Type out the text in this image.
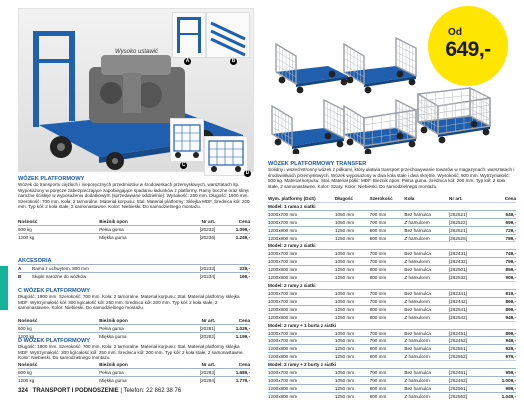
Wysoko ustawić
A	B
C
D
WÓZEK PLATFORMOWY
Wózek do transportu ciężkich i nieporęcznych przedmiotów w środowiskach przemysłowych, warsztatach itp. Wyposażony w poręcze zabezpieczające zapobiegające spadaniu ładunków z platformy. Ramy boczne oraz skręt narożne ścisłeje w wyposażeniu dodatkowym (sprzedawane oddzielnie). Wysokość: 250 mm. Długość: 1900 mm. Szerokość: 700 mm. Koła: 2 tarnoralne. Materiał korpusu: Stal. Materiał platformy: Sklejka MDF. Średnica kół: 200 mm. Typ kół: 2 koła stałe, 2 samonastawne. Kolor: Niebieski. Do samodzielnego montażu.
Nośność	Bieżnik opon	Nr art.	Cena
600 kg	Pełna guma	[20232]	1.099,-
1200 kg	Miękka guma	[20236]	1.249,-
AKCESORIA
A	Rama z uchwytem, 800 mm	[20233]	229,-
B	Słupki narożne do wózków	[20234]	169,-
C WÓZEK PLATFORMOWY
Długość: 1900 mm. Szerokość: 700 mm. Koła: 2 tarnoralne. Materiał korpusu: Stal. Materiał platformy sklejka MDF. Wytrzymałość kół: 300 kg/całość kół: 250 mm. Średnica kół: 200 mm. Typ kół: 2 koła stałe, 2 samonastawne. Kolor: Niebieski. Do samodzielnego montażu.
Nośność	Bieżnik opon	Nr art.	Cena
600 kg	Pełna guma	[20281]	1.029,-
1200 kg	Miękka guma	[20282]	1.199,-
D WÓZEK PLATFORMOWY
Długość: 1900 mm. Szerokość: 700 mm. Koła: 2 tarnoralne. Materiał korpusu: Stal. Materiał platformy sklejka MDF. Wytrzymałość: 300 kg/całość kół: 250 mm. Średnica kół: 200 mm. Typ kół: 2 koła stałe, 2 samonastawne. Kolor: Niebieski. Do samodzielnego montażu.
Nośność	Bieżnik opon	Nr art.	Cena
600 kg	Pełna guma	[20283]	1.689,-
1200 kg	Miękka guma	[20284]	1.779,-
324 TRANSPORT I PODNOSZENIE | Telefon: 22 862 38 76
Od
649,-
WÓZEK PLATFORMOWY TRANSFER
Solidny i wszechstronny wózek z półkami, który ułatwia transport przechowywanie towarów w magazynach, warsztatach i środowiskach przemysłowych. Wózek wyposażony w dwa koła stałe i dwa skrętne. Wysokość: 900 mm. Wytrzymałość: 500 kg. Materiał korpusu: Stal. Materiał półki: MDF. Bieżnik opon: Pełna guma. Średnica kół: 200 mm. Typ kół: 2 koła stałe, 2 samonastawne. Kolor: Szary. Kolor: Niebieski. Do samodzielnego montażu.
Wym. platformy (DxS)	Długość	Szerokość	Koła	Nr art.	Cena
Model: 1 rama z siatki					
1000x700 mm	1050 mm	700 mm	Bez hamulca	[262521]	649,-
1000x700 mm	1050 mm	700 mm	Z hamulcem	[262522]	699,-
1200x800 mm	1250 mm	800 mm	Bez hamulca	[262521]	729,-
1200x800 mm	1250 mm	800 mm	Z hamulcem	[262525]	789,-
Model: 2 ramy z siatki					
1000x700 mm	1050 mm	700 mm	Bez hamulca	[262431]	749,-
1000x700 mm	1050 mm	700 mm	Z hamulcem	[262432]	799,-
1200x800 mm	1250 mm	800 mm	Bez hamulca	[262501]	859,-
1200x800 mm	1250 mm	800 mm	Z hamulcem	[262532]	909,-
Model: 2 ramy z siatki					
1000x700 mm	1050 mm	700 mm	Bez hamulca	[262341]	819,-
1000x700 mm	1050 mm	700 mm	Z hamulcem	[262442]	869,-
1200x800 mm	1250 mm	800 mm	Bez hamulca	[262541]	899,-
1200x800 mm	1250 mm	800 mm	Z hamulcem	[262542]	949,-
Model: 2 ramy + 1 burta z siatki					
1000x700 mm	1050 mm	700 mm	Bez hamulca	[262451]	899,-
1000x700 mm	1050 mm	700 mm	Z hamulcem	[262452]	949,-
1200x800 mm	1250 mm	800 mm	Bez hamulca	[262551]	929,-
1200x800 mm	1250 mm	800 mm	Z hamulcem	[262552]	979,-
Model: 2 ramy + 2 burty z siatki					
1000x700 mm	1050 mm	700 mm	Bez hamulca	[262461]	959,-
1000x700 mm	1050 mm	700 mm	Z hamulcem	[262462]	1.009,-
1200x800 mm	1250 mm	800 mm	Bez hamulca	[262561]	999,-
1200x800 mm	1250 mm	800 mm	Z hamulcem	[262562]	1.049,-
